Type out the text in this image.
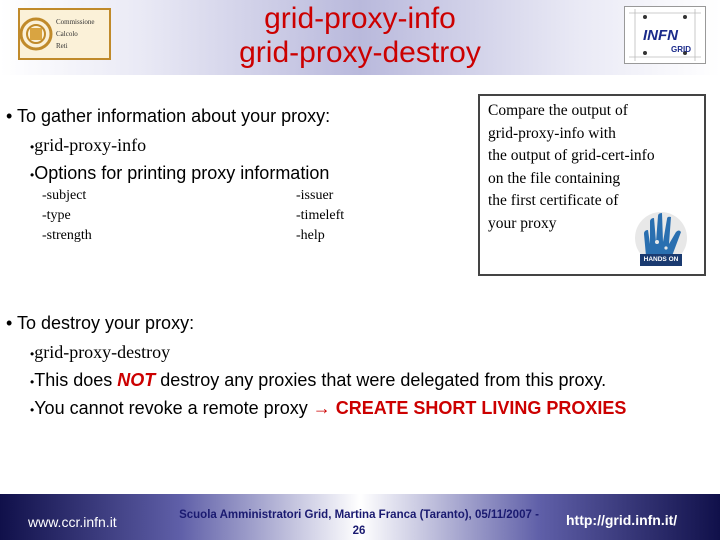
Commissione
Calcolo
Reti
grid-proxy-info
grid-proxy-destroy
INFN
GRID
• To gather information about your proxy:
•grid-proxy-info
•Options for printing proxy information
-subject
-type
-strength
-issuer
-timeleft
-help
Compare the output of
grid-proxy-info with
the output of grid-cert-info
on the file containing
the first certificate of
your proxy
HANDS ON
• To destroy your proxy:
•grid-proxy-destroy
•This does NOT destroy any proxies that were delegated from this proxy.
•You cannot revoke a remote proxy → CREATE SHORT LIVING PROXIES
www.ccr.infn.it	Scuola Amministratori Grid, Martina Franca (Taranto), 05/11/2007 -
26
http://grid.infn.it/
